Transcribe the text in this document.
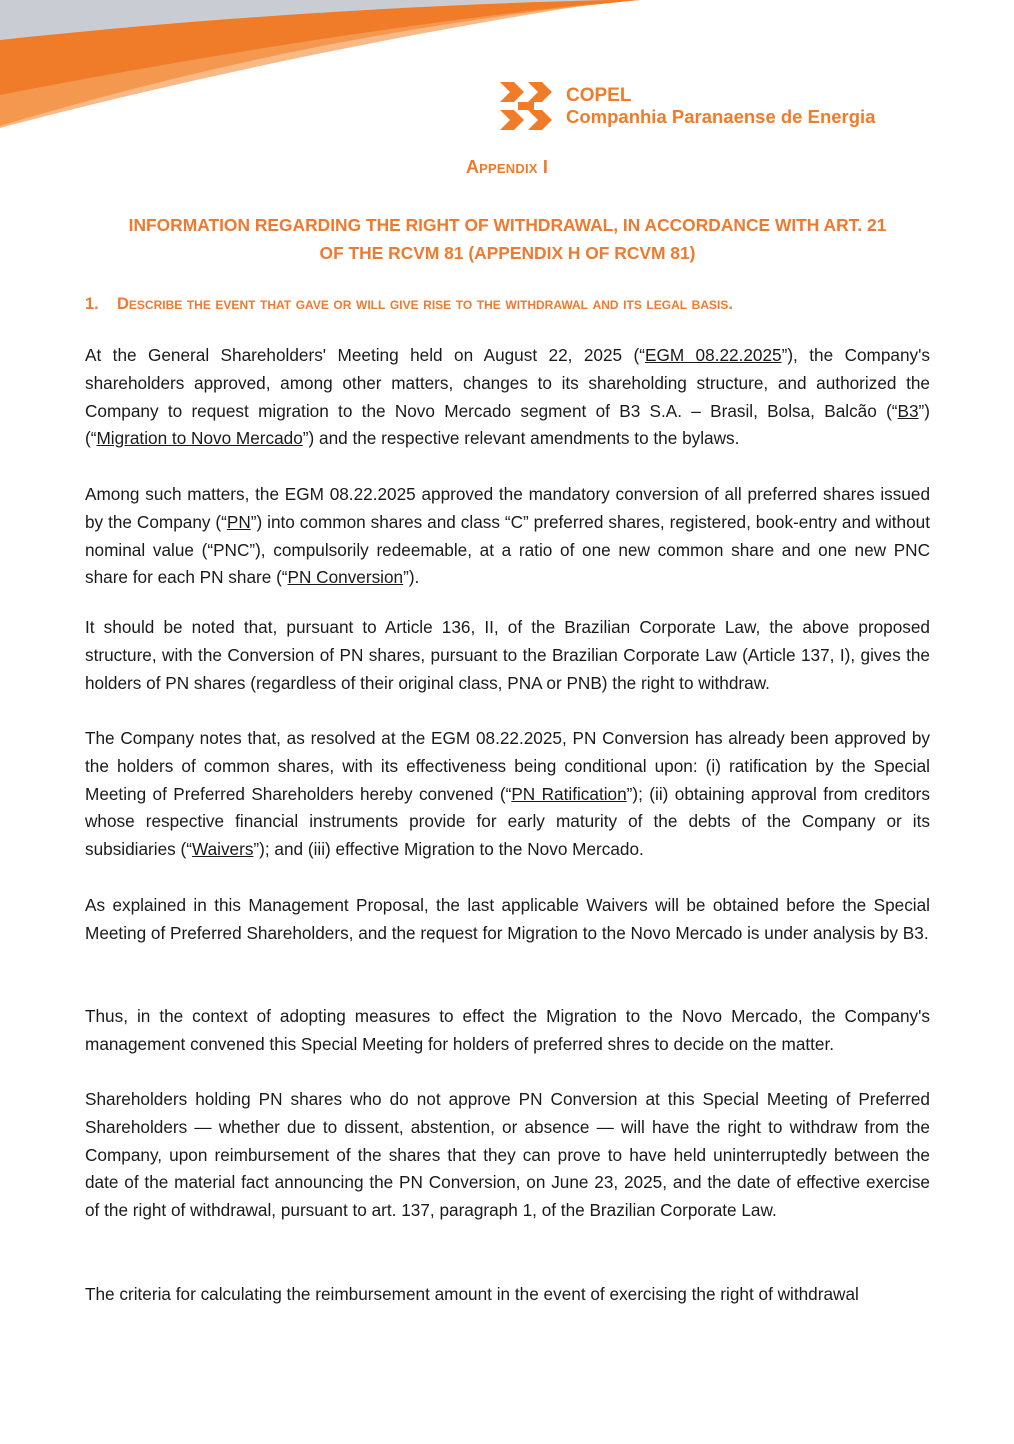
COPEL
Companhia Paranaense de Energia
Appendix I
INFORMATION REGARDING THE RIGHT OF WITHDRAWAL, IN ACCORDANCE WITH ART. 21
OF THE RCVM 81 (APPENDIX H OF RCVM 81)
1. Describe the event that gave or will give rise to the withdrawal and its legal basis.

At the General Shareholders' Meeting held on August 22, 2025 (“EGM 08.22.2025”), the Company's shareholders approved, among other matters, changes to its shareholding structure, and authorized the Company to request migration to the Novo Mercado segment of B3 S.A. – Brasil, Bolsa, Balcão (“B3”) (“Migration to Novo Mercado”) and the respective relevant amendments to the bylaws.

Among such matters, the EGM 08.22.2025 approved the mandatory conversion of all preferred shares issued by the Company (“PN”) into common shares and class “C” preferred shares, registered, book-entry and without nominal value (“PNC”), compulsorily redeemable, at a ratio of one new common share and one new PNC share for each PN share (“PN Conversion”).

It should be noted that, pursuant to Article 136, II, of the Brazilian Corporate Law, the above proposed structure, with the Conversion of PN shares, pursuant to the Brazilian Corporate Law (Article 137, I), gives the holders of PN shares (regardless of their original class, PNA or PNB) the right to withdraw.

The Company notes that, as resolved at the EGM 08.22.2025, PN Conversion has already been approved by the holders of common shares, with its effectiveness being conditional upon: (i) ratification by the Special Meeting of Preferred Shareholders hereby convened (“PN Ratification”); (ii) obtaining approval from creditors whose respective financial instruments provide for early maturity of the debts of the Company or its subsidiaries (“Waivers”); and (iii) effective Migration to the Novo Mercado.

As explained in this Management Proposal, the last applicable Waivers will be obtained before the Special Meeting of Preferred Shareholders, and the request for Migration to the Novo Mercado is under analysis by B3.

Thus, in the context of adopting measures to effect the Migration to the Novo Mercado, the Company's management convened this Special Meeting for holders of preferred shres to decide on the matter.

Shareholders holding PN shares who do not approve PN Conversion at this Special Meeting of Preferred Shareholders — whether due to dissent, abstention, or absence — will have the right to withdraw from the Company, upon reimbursement of the shares that they can prove to have held uninterruptedly between the date of the material fact announcing the PN Conversion, on June 23, 2025, and the date of effective exercise of the right of withdrawal, pursuant to art. 137, paragraph 1, of the Brazilian Corporate Law.

The criteria for calculating the reimbursement amount in the event of exercising the right of withdrawal
